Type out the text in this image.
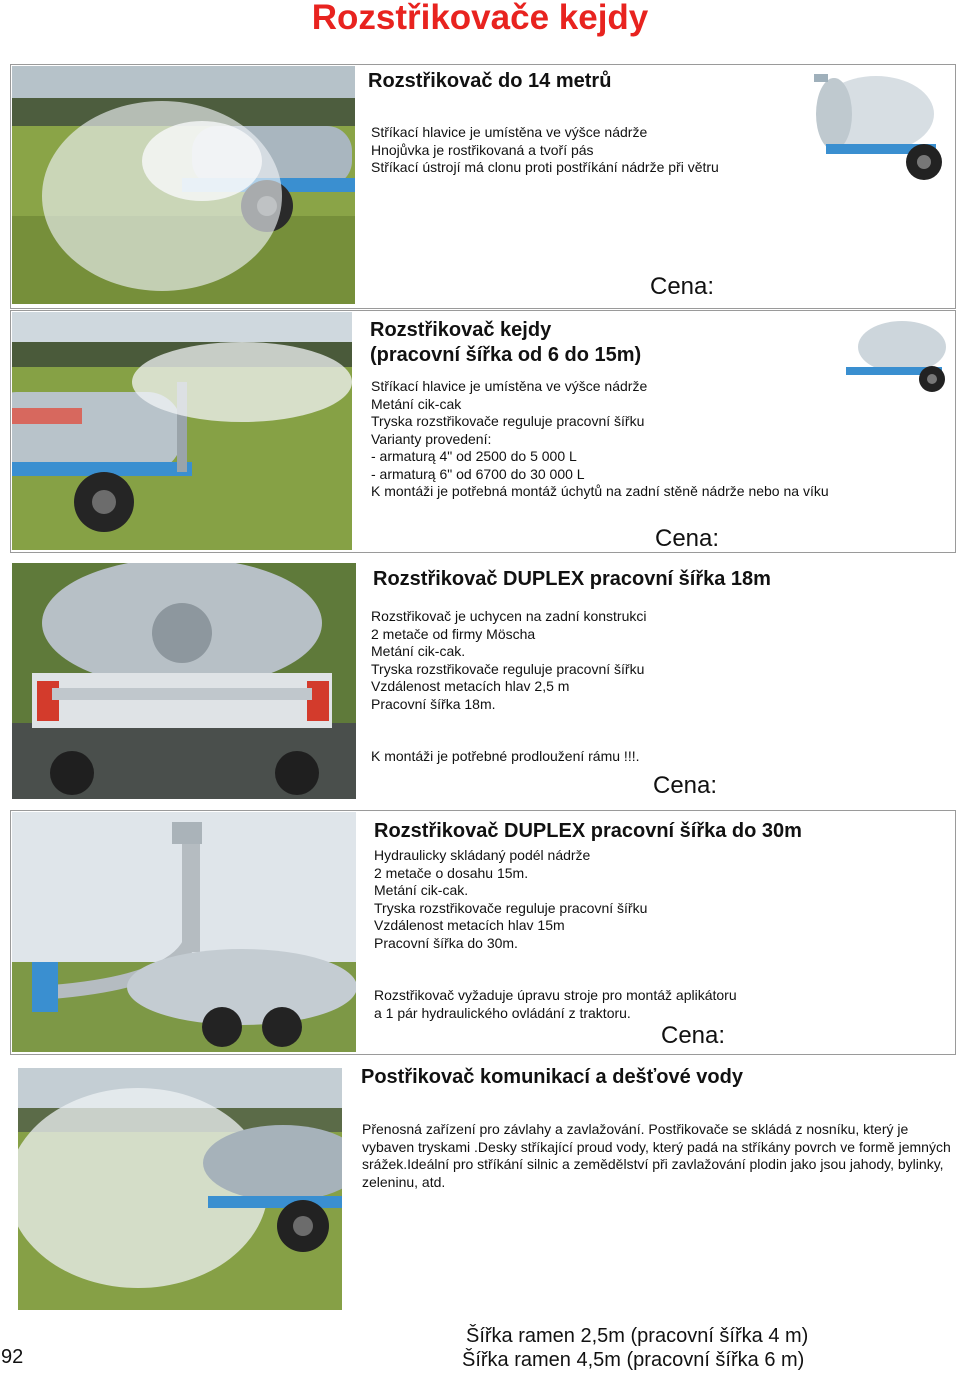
Rozstřikovače kejdy
Rozstřikovač do 14 metrů
Stříkací hlavice je umístěna ve výšce nádrže
Hnojůvka je rostřikovaná a tvoří pás
Stříkací ústrojí má clonu proti postříkání nádrže při větru
Cena:
Rozstřikovač kejdy
(pracovní šířka od 6 do 15m)
Stříkací hlavice je umístěna ve výšce nádrže
Metání cik-cak
Tryska rozstřikovače reguluje pracovní šířku
Varianty provedení:
- armaturą 4" od 2500 do 5 000 L
- armaturą 6" od 6700 do 30 000 L
K montáži je potřebná montáž úchytů na zadní stěně nádrže nebo na víku
Cena:
Rozstřikovač DUPLEX pracovní šířka 18m
Rozstřikovač je uchycen na zadní konstrukci
2 metače od firmy Möscha
Metání cik-cak.
Tryska rozstřikovače reguluje pracovní šířku
Vzdálenost metacích hlav 2,5 m
Pracovní šířka 18m.
K montáži je potřebné prodloužení rámu !!!.
Cena:
Rozstřikovač DUPLEX pracovní šířka do 30m
Hydraulicky skládaný podél nádrže
2 metače o dosahu 15m.
Metání cik-cak.
Tryska rozstřikovače reguluje pracovní šířku
Vzdálenost metacích hlav 15m
Pracovní šířka do 30m.
Rozstřikovač vyžaduje úpravu stroje pro montáž aplikátoru
a 1 pár hydraulického ovládání z traktoru.
Cena:
Postřikovač komunikací a dešťové vody
Přenosná zařízení pro závlahy a zavlažování. Postřikovače se skládá z nosníku, který je vybaven tryskami .Desky stříkající proud vody, který padá na stříkány povrch ve formě jemných srážek.Ideální pro stříkání silnic a zemědělství při zavlažování plodin jako jsou jahody, bylinky, zeleninu, atd.
Šířka ramen 2,5m (pracovní šířka 4 m)
Šířka ramen 4,5m (pracovní šířka 6 m)
92
